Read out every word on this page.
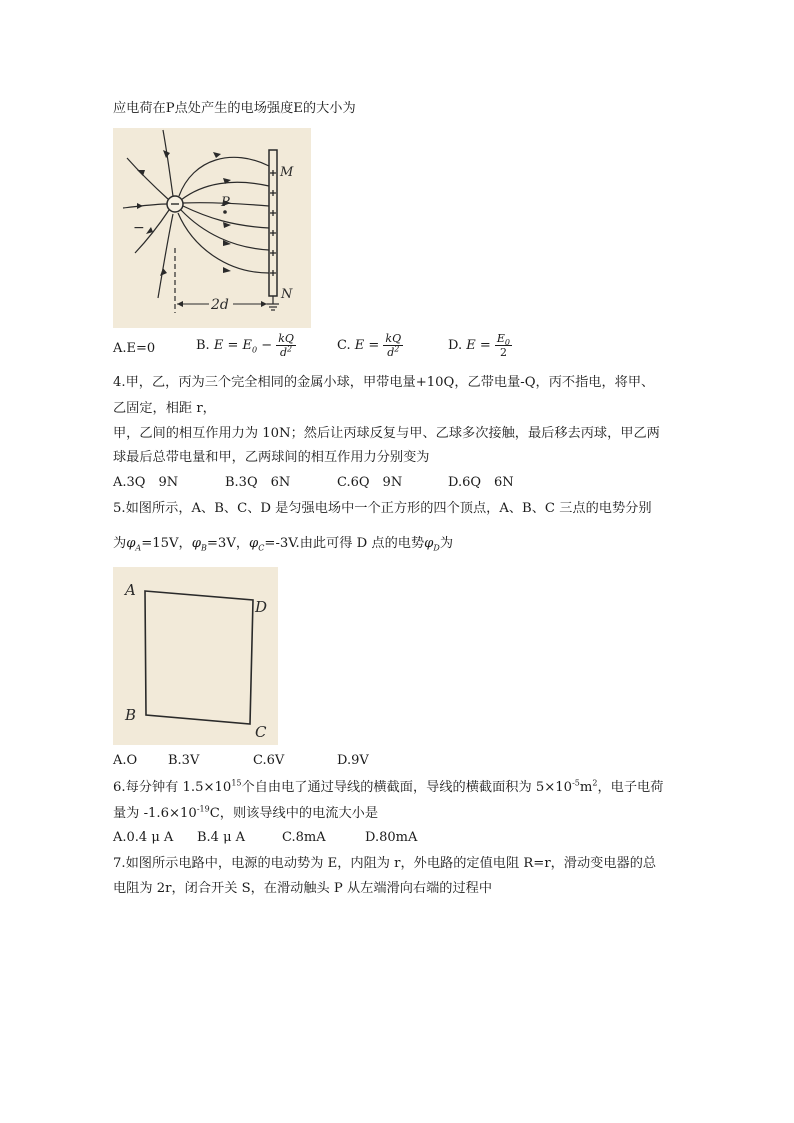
应电荷在P点处产生的电场强度E的大小为
P
M
N
−
2d
A.E=0	B. $E = E_0 - \frac{kQ}{d^2}$	C. $E = \frac{kQ}{d^2}$	D. $E = \frac{E_0}{2}$
4.甲，乙，丙为三个完全相同的金属小球，甲带电量+10Q，乙带电量-Q，丙不指电，将甲、
乙固定，相距 r，
甲，乙间的相互作用力为 10N；然后让丙球反复与甲、乙球多次接触，最后移去丙球，甲乙两
球最后总带电量和甲，乙两球间的相互作用力分别变为
A.3Q　9N	B.3Q　6N	C.6Q　9N	D.6Q　6N
5.如图所示，A、B、C、D 是匀强电场中一个正方形的四个顶点，A、B、C 三点的电势分别
为$\varphi_A=15V$，$\varphi_B=3V$，$\varphi_C=-3V$.由此可得 D 点的电势$\varphi_D$为
A
D
B
C
A.O B.3V	C.6V	D.9V
6.每分钟有 $1.5\times 10^{15}$个自由电了通过导线的横截面，导线的横截面积为 $5\times 10^{-5}m^2$，电子电荷
量为 $-1.6\times 10^{-19}C$，则该导线中的电流大小是
A.0.4 μ A B.4 μ A	C.8mA	D.80mA
7.如图所示电路中，电源的电动势为 E，内阻为 r，外电路的定值电阻 R=r，滑动变电器的总
电阻为 2r，闭合开关 S，在滑动触头 P 从左端滑向右端的过程中
